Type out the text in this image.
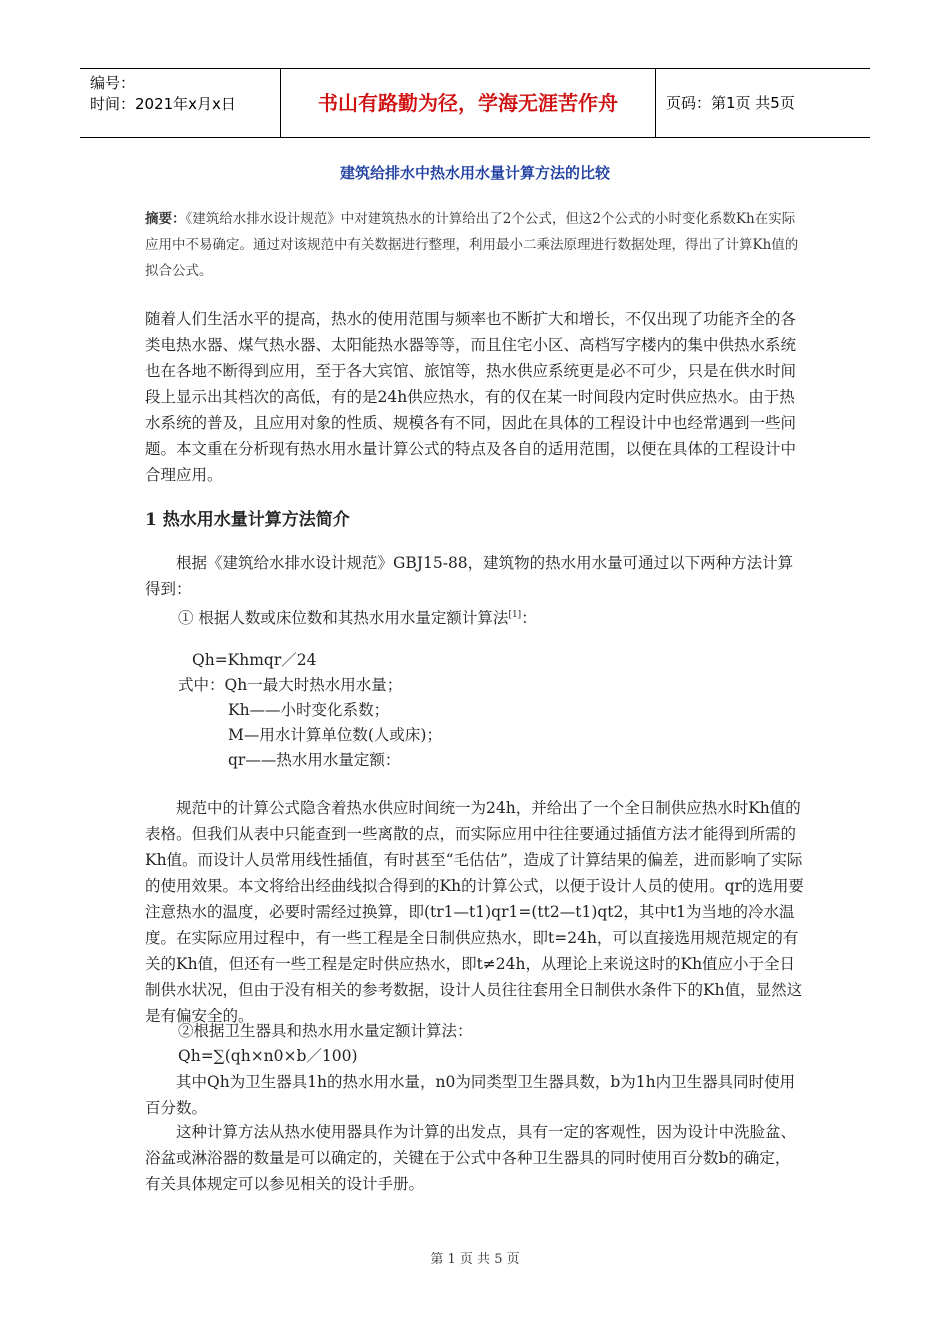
编号：
时间：2021年x月x日	书山有路勤为径，学海无涯苦作舟	页码：第1页 共5页
建筑给排水中热水用水量计算方法的比较
摘要：《建筑给水排水设计规范》中对建筑热水的计算给出了2个公式，但这2个公式的小时变化系数Kh在实际应用中不易确定。通过对该规范中有关数据进行整理，利用最小二乘法原理进行数据处理，得出了计算Kh值的拟合公式。
随着人们生活水平的提高，热水的使用范围与频率也不断扩大和增长，不仅出现了功能齐全的各类电热水器、煤气热水器、太阳能热水器等等，而且住宅小区、高档写字楼内的集中供热水系统也在各地不断得到应用，至于各大宾馆、旅馆等，热水供应系统更是必不可少，只是在供水时间段上显示出其档次的高低，有的是24h供应热水，有的仅在某一时间段内定时供应热水。由于热水系统的普及，且应用对象的性质、规模各有不同，因此在具体的工程设计中也经常遇到一些问题。本文重在分析现有热水用水量计算公式的特点及各自的适用范围，以便在具体的工程设计中合理应用。
1 热水用水量计算方法简介
根据《建筑给水排水设计规范》GBJ15-88，建筑物的热水用水量可通过以下两种方法计算得到：
① 根据人数或床位数和其热水用水量定额计算法[1]：
Qh=Khmqr／24
式中：Qh一最大时热水用水量；
Kh——小时变化系数；
M—用水计算单位数(人或床)；
qr——热水用水量定额：
规范中的计算公式隐含着热水供应时间统一为24h，并给出了一个全日制供应热水时Kh值的表格。但我们从表中只能查到一些离散的点，而实际应用中往往要通过插值方法才能得到所需的Kh值。而设计人员常用线性插值，有时甚至“毛估估”，造成了计算结果的偏差，进而影响了实际的使用效果。本文将给出经曲线拟合得到的Kh的计算公式，以便于设计人员的使用。qr的选用要注意热水的温度，必要时需经过换算，即(tr1—t1)qr1=(tt2—t1)qt2，其中t1为当地的冷水温度。在实际应用过程中，有一些工程是全日制供应热水，即t=24h，可以直接选用规范规定的有关的Kh值，但还有一些工程是定时供应热水，即t≠24h，从理论上来说这时的Kh值应小于全日制供水状况，但由于没有相关的参考数据，设计人员往往套用全日制供水条件下的Kh值，显然这是有偏安全的。
②根据卫生器具和热水用水量定额计算法：
Qh=∑(qh×n0×b／100)
其中Qh为卫生器具1h的热水用水量，n0为同类型卫生器具数，b为1h内卫生器具同时使用百分数。
这种计算方法从热水使用器具作为计算的出发点，具有一定的客观性，因为设计中洗脸盆、浴盆或淋浴器的数量是可以确定的，关键在于公式中各种卫生器具的同时使用百分数b的确定，有关具体规定可以参见相关的设计手册。
第 1 页 共 5 页
